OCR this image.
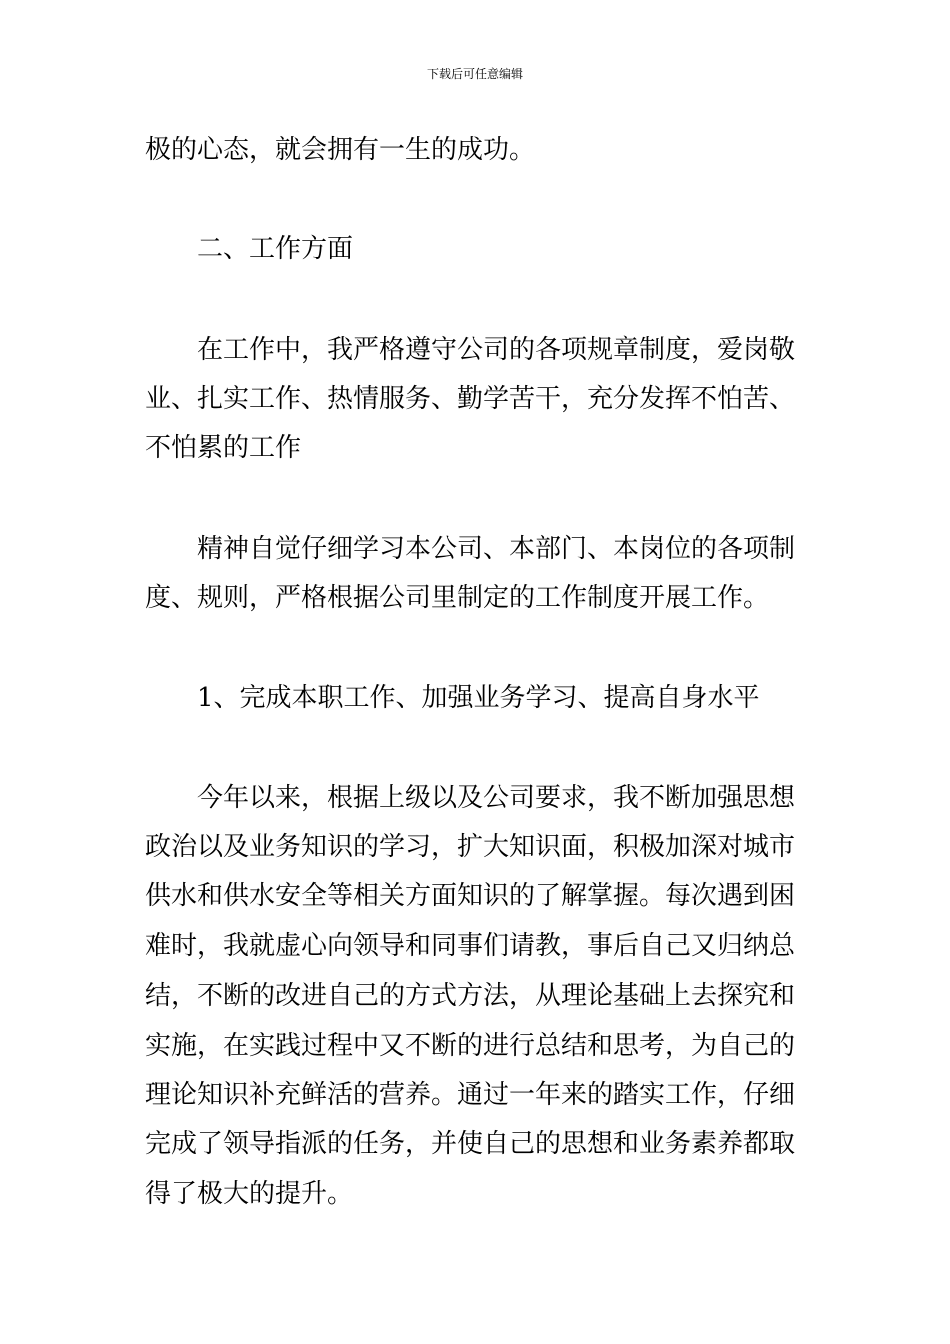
下载后可任意编辑
极的心态，就会拥有一生的成功。
二、工作方面
在工作中，我严格遵守公司的各项规章制度，爱岗敬
业、扎实工作、热情服务、勤学苦干，充分发挥不怕苦、
不怕累的工作
精神自觉仔细学习本公司、本部门、本岗位的各项制
度、规则，严格根据公司里制定的工作制度开展工作。
1、完成本职工作、加强业务学习、提高自身水平
今年以来，根据上级以及公司要求，我不断加强思想
政治以及业务知识的学习，扩大知识面，积极加深对城市
供水和供水安全等相关方面知识的了解掌握。每次遇到困
难时，我就虚心向领导和同事们请教，事后自己又归纳总
结，不断的改进自己的方式方法，从理论基础上去探究和
实施，在实践过程中又不断的进行总结和思考，为自己的
理论知识补充鲜活的营养。通过一年来的踏实工作，仔细
完成了领导指派的任务，并使自己的思想和业务素养都取
得了极大的提升。
